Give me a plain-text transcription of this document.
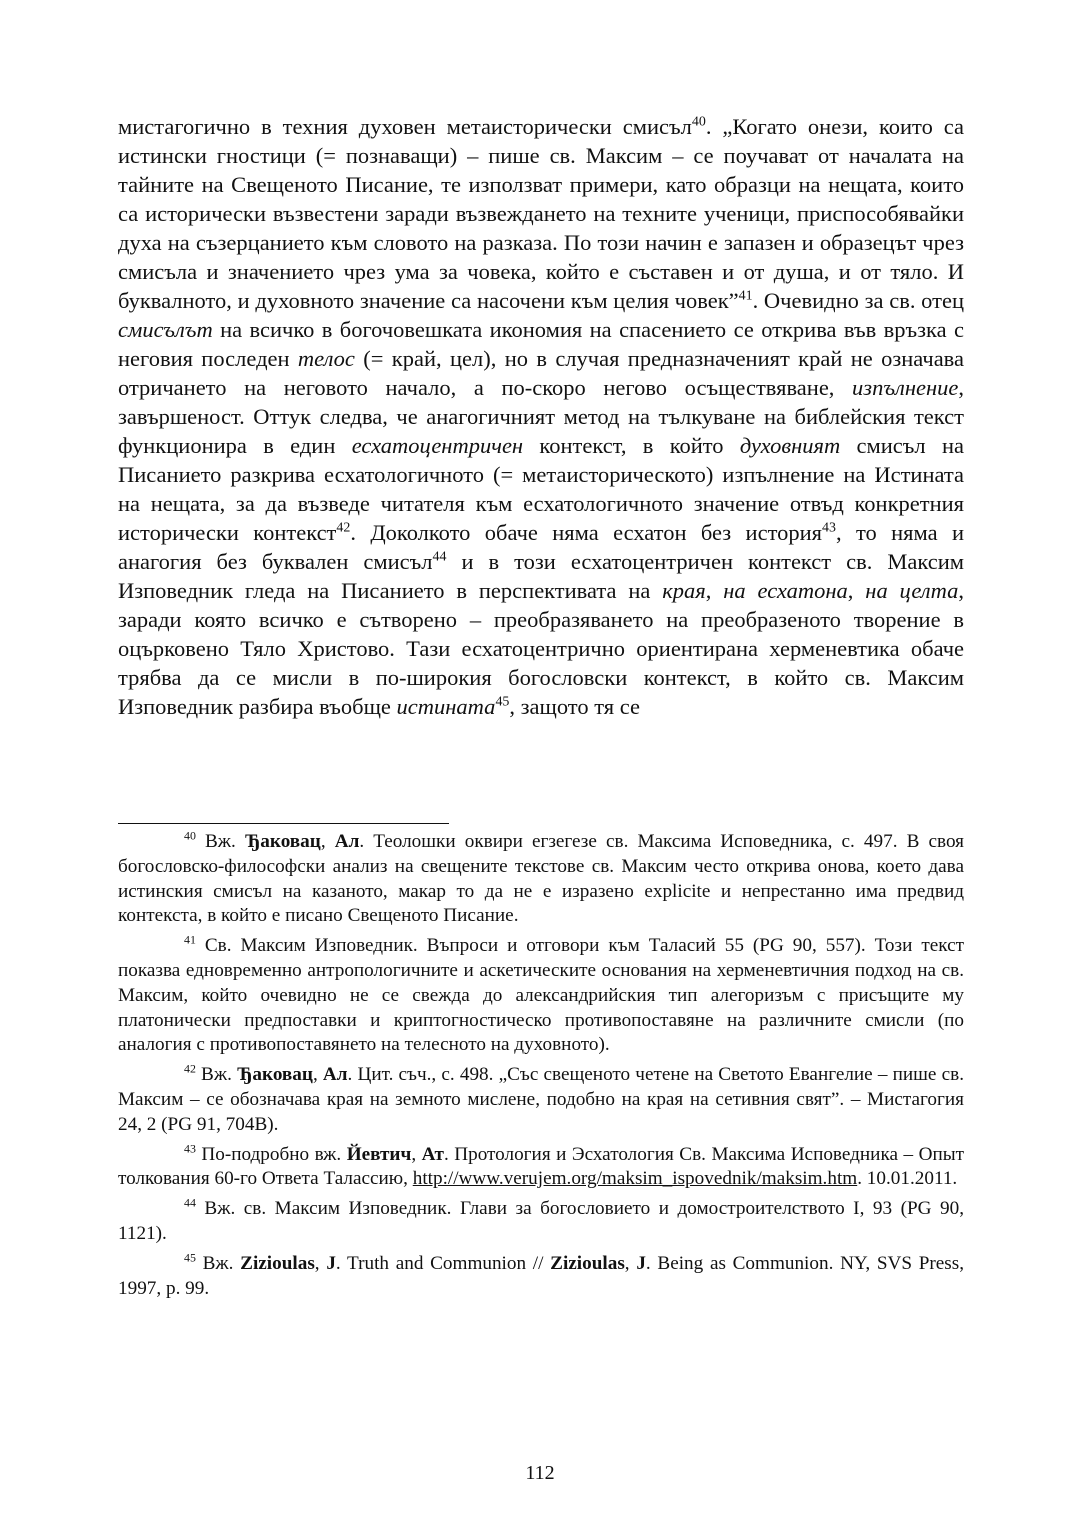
мистагогично в техния духовен метаисторически смисъл$^{40}$. „Когато онези, които са истински гностици (= познаващи) – пише св. Максим – се поучават от началата на тайните на Свещеното Писание, те използват примери, като образци на нещата, които са исторически възвестени заради възвеждането на техните ученици, приспособявайки духа на съзерцанието към словото на разказа. По този начин е запазен и образецът чрез смисъла и значението чрез ума за човека, който е съставен и от душа, и от тяло. И буквалното, и духовното значение са насочени към целия човек”$^{41}$. Очевидно за св. отец смисълът на всичко в богочовешката икономия на спасението се открива във връзка с неговия последен телос (= край, цел), но в случая предназначеният край не означава отричането на неговото начало, а по-скоро негово осъществяване, изпълнение, завършеност. Оттук следва, че анагогичният метод на тълкуване на библейския текст функционира в един есхатоцентричен контекст, в който духовният смисъл на Писанието разкрива есхатологичното (= метаисторическото) изпълнение на Истината на нещата, за да възведе читателя към есхатологичното значение отвъд конкретния исторически контекст$^{42}$. Доколкото обаче няма есхатон без история$^{43}$, то няма и анагогия без буквален смисъл$^{44}$ и в този есхатоцентричен контекст св. Максим Изповедник гледа на Писанието в перспективата на края, на есхатона, на целта, заради която всичко е сътворено – преобразяването на преобразеното творение в оцърковено Тяло Христово. Тази есхатоцентрично ориентирана херменевтика обаче трябва да се мисли в по-широкия богословски контекст, в който св. Максим Изповедник разбира въобще истината$^{45}$, защото тя се

$^{40}$ Вж. Ђаковац, Ал. Теолошки оквири егзегезе св. Максима Исповедника, с. 497. В своя богословско-философски анализ на свещените текстове св. Максим често открива онова, което дава истинския смисъл на казаното, макар то да не е изразено explicite и непрестанно има предвид контекста, в който е писано Свещеното Писание.

$^{41}$ Св. Максим Изповедник. Въпроси и отговори към Таласий 55 (PG 90, 557). Този текст показва едновременно антропологичните и аскетическите основания на херменевтичния подход на св. Максим, който очевидно не се свежда до александрийския тип алегоризъм с присъщите му платонически предпоставки и криптогностическо противопоставяне на различните смисли (по аналогия с противопоставянето на телесното на духовното).

$^{42}$ Вж. Ђаковац, Ал. Цит. съч., с. 498. „Със свещеното четене на Светото Евангелие – пише св. Максим – се обозначава края на земното мислене, подобно на края на сетивния свят”. – Мистагогия 24, 2 (PG 91, 704B).

$^{43}$ По-подробно вж. Йевтич, Ат. Протология и Эсхатология Св. Максима Исповедника – Опыт толкования 60-го Ответа Талассию, http://www.verujem.org/maksim_ispovednik/maksim.htm. 10.01.2011.

$^{44}$ Вж. св. Максим Изповедник. Глави за богословието и домостроителството I, 93 (PG 90, 1121).

$^{45}$ Вж. Zizioulas, J. Truth and Communion // Zizioulas, J. Being as Communion. NY, SVS Press, 1997, p. 99.

112
